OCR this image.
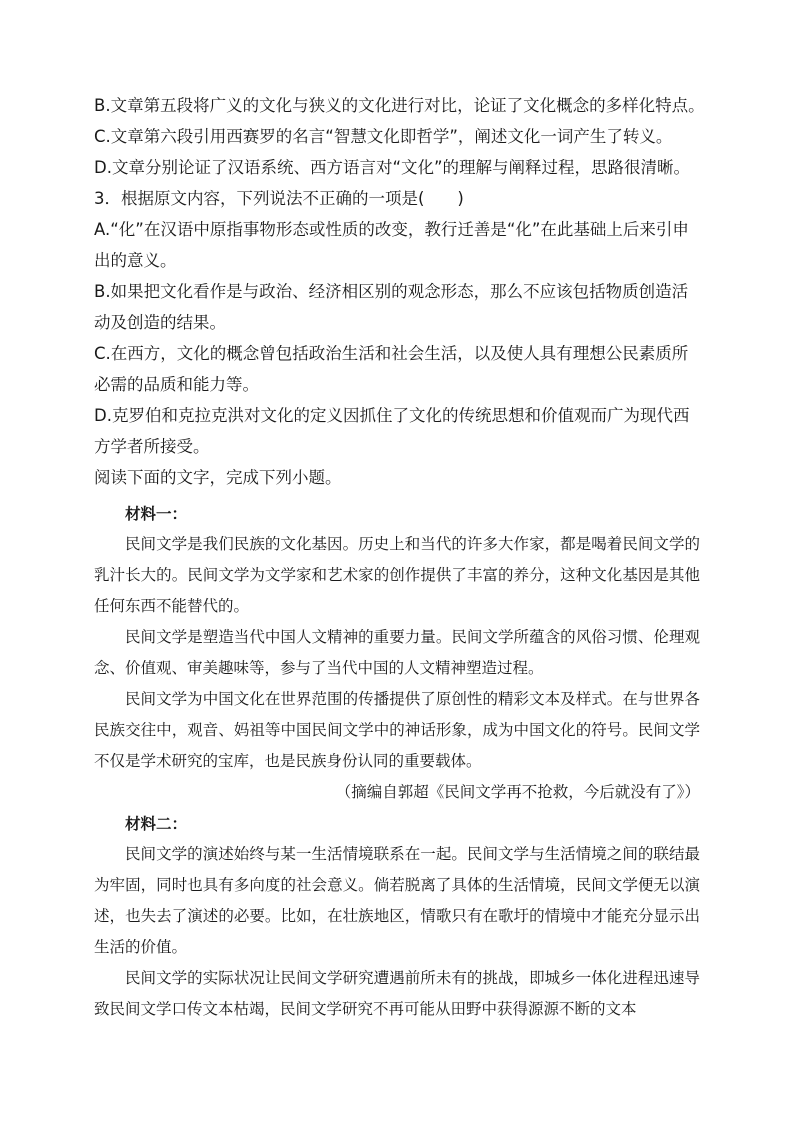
B.文章第五段将广义的文化与狭义的文化进行对比，论证了文化概念的多样化特点。

C.文章第六段引用西赛罗的名言“智慧文化即哲学”，阐述文化一词产生了转义。

D.文章分别论证了汉语系统、西方语言对“文化”的理解与阐释过程，思路很清晰。

3．根据原文内容，下列说法不正确的一项是(　　)

A.“化”在汉语中原指事物形态或性质的改变，教行迁善是“化”在此基础上后来引申出的意义。

B.如果把文化看作是与政治、经济相区别的观念形态，那么不应该包括物质创造活动及创造的结果。

C.在西方，文化的概念曾包括政治生活和社会生活，以及使人具有理想公民素质所必需的品质和能力等。

D.克罗伯和克拉克洪对文化的定义因抓住了文化的传统思想和价值观而广为现代西方学者所接受。

阅读下面的文字，完成下列小题。

材料一：

民间文学是我们民族的文化基因。历史上和当代的许多大作家，都是喝着民间文学的乳汁长大的。民间文学为文学家和艺术家的创作提供了丰富的养分，这种文化基因是其他任何东西不能替代的。

民间文学是塑造当代中国人文精神的重要力量。民间文学所蕴含的风俗习惯、伦理观念、价值观、审美趣味等，参与了当代中国的人文精神塑造过程。

民间文学为中国文化在世界范围的传播提供了原创性的精彩文本及样式。在与世界各民族交往中，观音、妈祖等中国民间文学中的神话形象，成为中国文化的符号。民间文学不仅是学术研究的宝库，也是民族身份认同的重要载体。

（摘编自郭超《民间文学再不抢救，今后就没有了》）

材料二：

民间文学的演述始终与某一生活情境联系在一起。民间文学与生活情境之间的联结最为牢固，同时也具有多向度的社会意义。倘若脱离了具体的生活情境，民间文学便无以演述，也失去了演述的必要。比如，在壮族地区，情歌只有在歌圩的情境中才能充分显示出生活的价值。

民间文学的实际状况让民间文学研究遭遇前所未有的挑战，即城乡一体化进程迅速导致民间文学口传文本枯竭，民间文学研究不再可能从田野中获得源源不断的文本
